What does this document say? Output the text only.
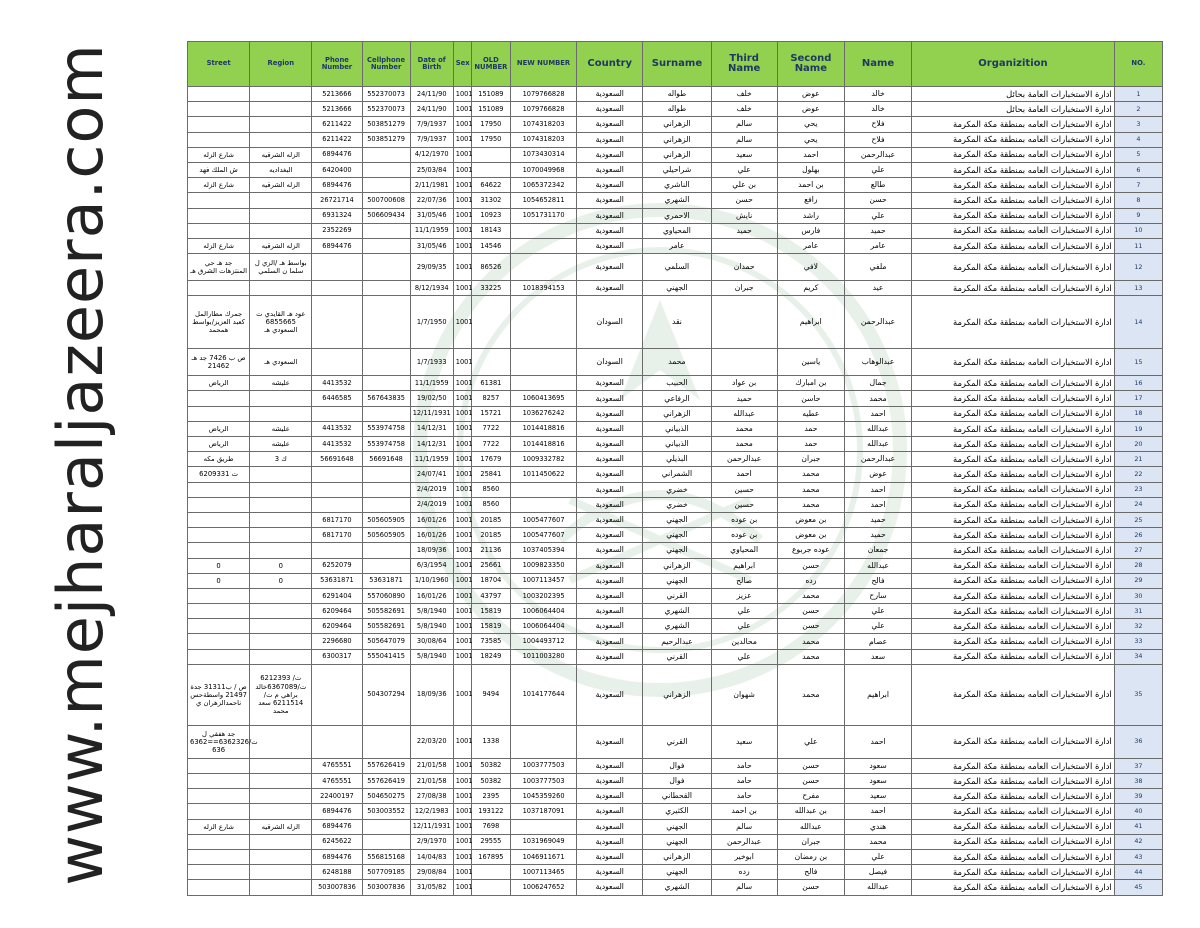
www.mejharaljazeera.com	Street	Region	Phone Number	Cellphone Number	Date of Birth	Sex	OLD NUMBER	NEW NUMBER	Country	Surname	Third Name	Second Name	Name	Organizition	NO.
		5213666	552370073	24/11/90	1001	151089	1079766828	السعودية	طواله	خلف	عوض	خالد	ادارة الاستخبارات العامة بحائل	1
		5213666	552370073	24/11/90	1001	151089	1079766828	السعودية	طواله	خلف	عوض	خالد	ادارة الاستخبارات العامة بحائل	2
		6211422	503851279	7/9/1937	1001	17950	1074318203	السعودية	الزهراني	سالم	يحي	فلاح	ادارة الاستخبارات العامه بمنطقة مكة المكرمة	3
		6211422	503851279	7/9/1937	1001	17950	1074318203	السعودية	الزهراني	سالم	يحي	فلاح	ادارة الاستخبارات العامه بمنطقة مكة المكرمة	4
شارع الزله	الزله الشرقيه	6894476		4/12/1970	1001		1073430314	السعودية	الزهراني	سعيد	احمد	عبدالرحمن	ادارة الاستخبارات العامه بمنطقة مكة المكرمة	5
ش الملك فهد	البغداديه	6420400		25/03/84	1001		1070049968	السعودية	شراحيلي	علي	بهلول	علي	ادارة الاستخبارات العامه بمنطقة مكة المكرمة	6
شارع الزله	الزله الشرقيه	6894476		2/11/1981	1001	64622	1065372342	السعودية	الناشري	بن علي	بن احمد	طالع	ادارة الاستخبارات العامه بمنطقة مكة المكرمة	7
		26721714	500700608	22/07/36	1001	31302	1054652811	السعودية	الشهري	حسن	رافع	حسن	ادارة الاستخبارات العامه بمنطقة مكة المكرمة	8
		6931324	506609434	31/05/46	1001	10923	1051731170	السعودية	الاحمري	نايش	راشد	علي	ادارة الاستخبارات العامه بمنطقة مكة المكرمة	9
		2352269		11/1/1959	1001	18143		السعودية	المحياوي	حميد	فارس	حميد	ادارة الاستخبارات العامه بمنطقة مكة المكرمة	10
شارع الزله	الزله الشرقيه	6894476		31/05/46	1001	14546		السعودية	عامر		عامر	عامر	ادارة الاستخبارات العامه بمنطقة مكة المكرمة	11
جد هـ حي المنتزهات الشرق هـ	بواسط هـ /الزي ل سلما ن السلمي			29/09/35	1001	86526		السعودية	السلمي	حمدان	لافي	ملفي	ادارة الاستخبارات العامه بمنطقة مكة المكرمة	12
				8/12/1934	1001	33225	1018394153	السعودية	الجهني	جبران	كريم	عيد	ادارة الاستخبارات العامه بمنطقة مكة المكرمة	13
جمرك مطارالمل كعبد العزيز/بواسط همحمد	عود هـ القايدي ت 6855665 السعودي هـ			1/7/1950	1001			السودان	نقد		ابراهيم	عبدالرحمن	ادارة الاستخبارات العامه بمنطقة مكة المكرمة	14
ص ب 7426 جد هـ 21462	السعودي هـ			1/7/1933	1001			السودان	محمد		ياسين	عبدالوهاب	ادارة الاستخبارات العامه بمنطقة مكة المكرمة	15
الرياض	عليشه	4413532		11/1/1959	1001	61381		السعودية	الحبيب	بن عواد	بن امبارك	جمال	ادارة الاستخبارات العامه بمنطقة مكة المكرمة	16
		6446585	567643835	19/02/50	1001	8257	1060413695	السعودية	الرفاعي	حميد	حاسن	محمد	ادارة الاستخبارات العامه بمنطقة مكة المكرمة	17
				12/11/1931	1001	15721	1036276242	السعودية	الزهراني	عبدالله	عطيه	احمد	ادارة الاستخبارات العامه بمنطقة مكة المكرمة	18
الرياض	عليشه	4413532	553974758	14/12/31	1001	7722	1014418816	السعودية	الذبياني	محمد	حمد	عبدالله	ادارة الاستخبارات العامه بمنطقة مكة المكرمة	19
الرياض	عليشه	4413532	553974758	14/12/31	1001	7722	1014418816	السعودية	الذبياني	محمد	حمد	عبدالله	ادارة الاستخبارات العامه بمنطقة مكة المكرمة	20
طريق مكه	ك 3	56691648	56691648	11/1/1959	1001	17679	1009332782	السعودية	البذيلي	عبدالرحمن	جبران	عبدالرحمن	ادارة الاستخبارات العامه بمنطقة مكة المكرمة	21
ت 6209331				24/07/41	1001	25841	1011450622	السعودية	الشمراني	احمد	محمد	عوض	ادارة الاستخبارات العامه بمنطقة مكة المكرمة	22
				2/4/2019	1001	8560		السعودية	خضري	حسين	محمد	احمد	ادارة الاستخبارات العامه بمنطقة مكة المكرمة	23
				2/4/2019	1001	8560		السعودية	خضري	حسين	محمد	احمد	ادارة الاستخبارات العامه بمنطقة مكة المكرمة	24
		6817170	505605905	16/01/26	1001	20185	1005477607	السعودية	الجهني	بن عوده	بن معوض	حميد	ادارة الاستخبارات العامه بمنطقة مكة المكرمة	25
		6817170	505605905	16/01/26	1001	20185	1005477607	السعودية	الجهني	بن عوده	بن معوض	حميد	ادارة الاستخبارات العامه بمنطقة مكة المكرمة	26
				18/09/36	1001	21136	1037405394	السعودية	الجهني	المحياوي	عوده جربوع	جمعان	ادارة الاستخبارات العامه بمنطقة مكة المكرمة	27
0	0	6252079		6/3/1954	1001	25661	1009823350	السعودية	الزهراني	ابراهيم	حسن	عبدالله	ادارة الاستخبارات العامه بمنطقة مكة المكرمة	28
0	0	53631871	53631871	1/10/1960	1001	18704	1007113457	السعودية	الجهني	صالح	رده	فالح	ادارة الاستخبارات العامه بمنطقة مكة المكرمة	29
		6291404	557060890	16/01/26	1001	43797	1003202395	السعودية	القرني	عزيز	محمد	سارح	ادارة الاستخبارات العامه بمنطقة مكة المكرمة	30
		6209464	505582691	5/8/1940	1001	15819	1006064404	السعودية	الشهري	علي	حسن	علي	ادارة الاستخبارات العامه بمنطقة مكة المكرمة	31
		6209464	505582691	5/8/1940	1001	15819	1006064404	السعودية	الشهري	علي	حسن	علي	ادارة الاستخبارات العامه بمنطقة مكة المكرمة	32
		2296680	505647079	30/08/64	1001	73585	1004493712	السعودية	عبدالرحيم	محالدين	محمد	عصام	ادارة الاستخبارات العامه بمنطقة مكة المكرمة	33
		6300317	555041415	5/8/1940	1001	18249	1011003280	السعودية	القرني	علي	محمد	سعد	ادارة الاستخبارات العامه بمنطقة مكة المكرمة	34
ص / ب31311 جدة 21497 واسطةحس ناحمدالزهران ي	ت/ 6212393 ت/6367089خالد براهي م ت/ 6211514 سعد محمد		504307294	18/09/36	1001	9494	1014177644	السعودية	الزهراني	شهوان	محمد	ابراهيم	ادارة الاستخبارات العامه بمنطقة مكة المكرمة	35
جد هفقي ل ت/6362326==6362 636				22/03/20	1001	1338		السعودية	القرني	سعيد	علي	احمد	ادارة الاستخبارات العامه بمنطقة مكة المكرمة	36
		4765551	557626419	21/01/58	1001	50382	1003777503	السعودية	فوال	حامد	حسن	سعود	ادارة الاستخبارات العامه بمنطقة مكة المكرمة	37
		4765551	557626419	21/01/58	1001	50382	1003777503	السعودية	فوال	حامد	حسن	سعود	ادارة الاستخبارات العامه بمنطقة مكة المكرمة	38
		22400197	504650275	27/08/38	1001	2395	1045359260	السعودية	القحطاني	حامد	مفرح	سعيد	ادارة الاستخبارات العامه بمنطقة مكة المكرمة	39
		6894476	503003552	12/2/1983	1001	193122	1037187091	السعودية	الكثيري	بن احمد	بن عبدالله	احمد	ادارة الاستخبارات العامه بمنطقة مكة المكرمة	40
شارع الزله	الزله الشرقيه	6894476		12/11/1931	1001	7698		السعودية	الجهني	سالم	عبدالله	هندي	ادارة الاستخبارات العامه بمنطقة مكة المكرمة	41
		6245622		2/9/1970	1001	29555	1031969049	السعودية	الجهني	عبدالرحمن	جبران	محمد	ادارة الاستخبارات العامه بمنطقة مكة المكرمة	42
		6894476	556815168	14/04/83	1001	167895	1046911671	السعودية	الزهراني	ابوخير	بن رمضان	علي	ادارة الاستخبارات العامه بمنطقة مكة المكرمة	43
		6248188	507709185	29/08/84	1001		1007113465	السعودية	الجهني	رده	فالح	فيصل	ادارة الاستخبارات العامه بمنطقة مكة المكرمة	44
		503007836	503007836	31/05/82	1001		1006247652	السعودية	الشهري	سالم	حسن	عبدالله	ادارة الاستخبارات العامه بمنطقة مكة المكرمة	45
